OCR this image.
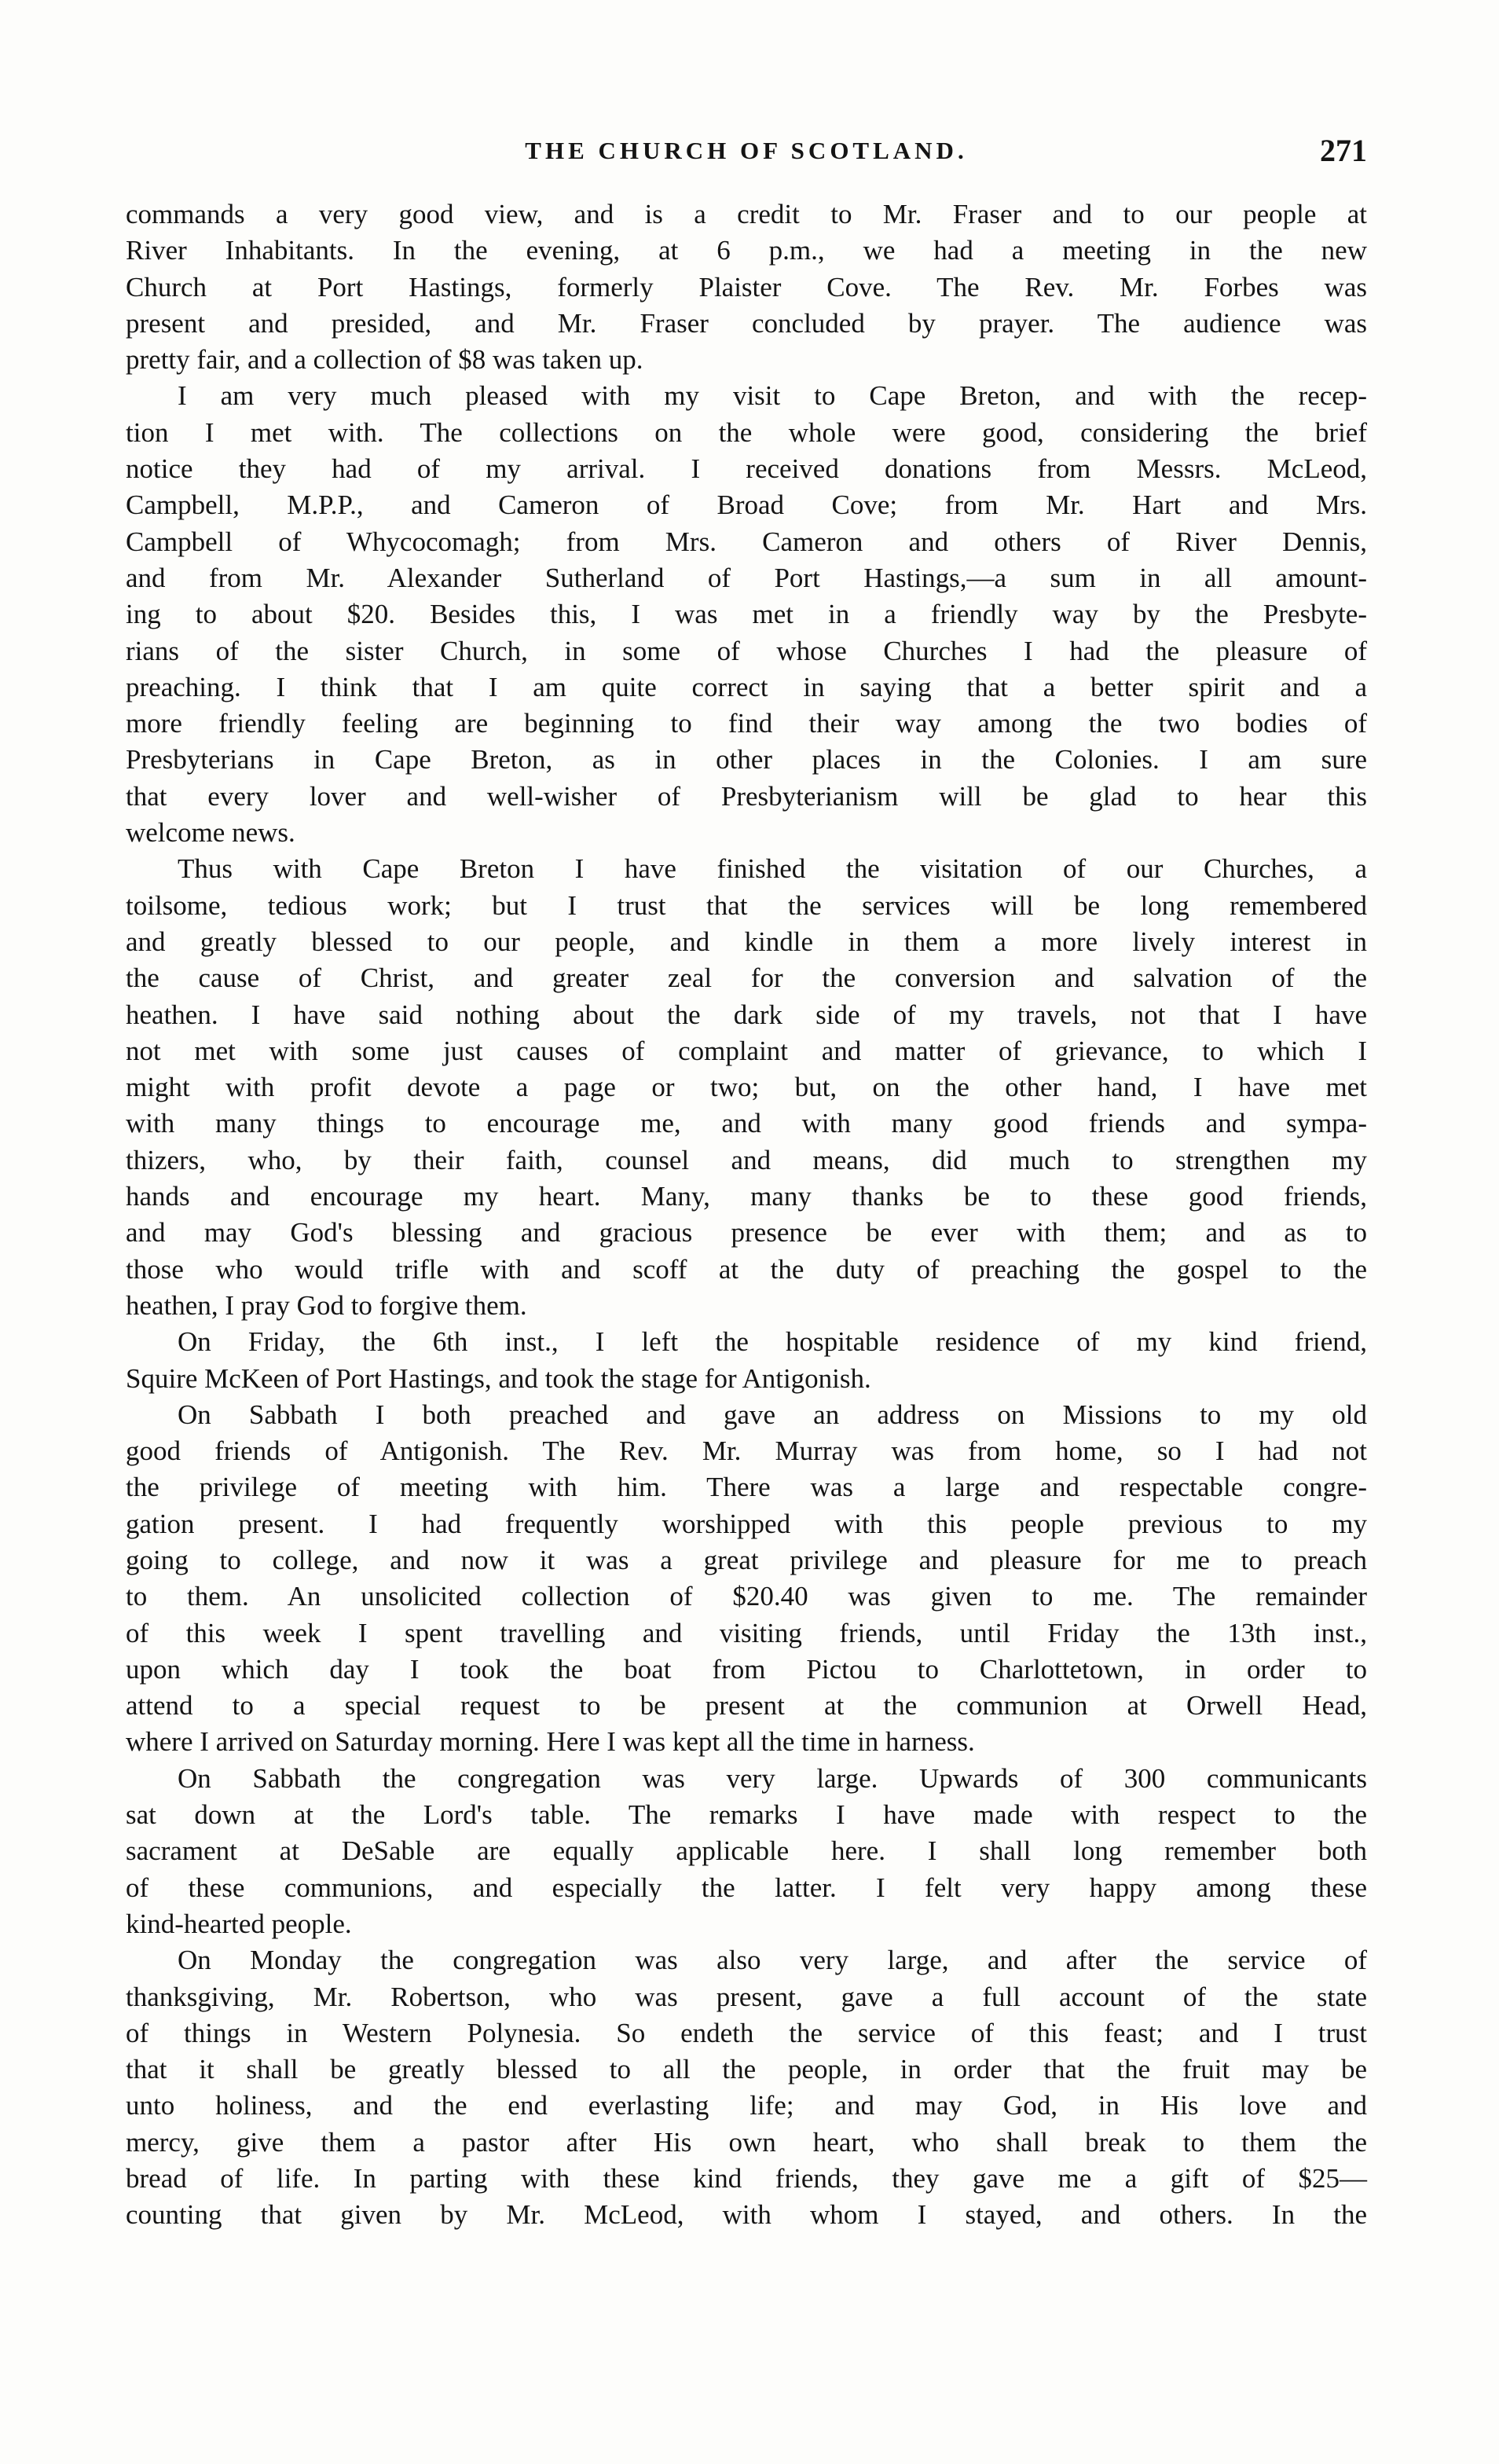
THE CHURCH OF SCOTLAND.	271
commands a very good view, and is a credit to Mr. Fraser and to our people at
River Inhabitants. In the evening, at 6 p.m., we had a meeting in the new
Church at Port Hastings, formerly Plaister Cove. The Rev. Mr. Forbes was
present and presided, and Mr. Fraser concluded by prayer. The audience was
pretty fair, and a collection of $8 was taken up.
I am very much pleased with my visit to Cape Breton, and with the recep-
tion I met with. The collections on the whole were good, considering the brief
notice they had of my arrival. I received donations from Messrs. McLeod,
Campbell, M.P.P., and Cameron of Broad Cove; from Mr. Hart and Mrs.
Campbell of Whycocomagh; from Mrs. Cameron and others of River Dennis,
and from Mr. Alexander Sutherland of Port Hastings,—a sum in all amount-
ing to about $20. Besides this, I was met in a friendly way by the Presbyte-
rians of the sister Church, in some of whose Churches I had the pleasure of
preaching. I think that I am quite correct in saying that a better spirit and a
more friendly feeling are beginning to find their way among the two bodies of
Presbyterians in Cape Breton, as in other places in the Colonies. I am sure
that every lover and well-wisher of Presbyterianism will be glad to hear this
welcome news.
Thus with Cape Breton I have finished the visitation of our Churches, a
toilsome, tedious work; but I trust that the services will be long remembered
and greatly blessed to our people, and kindle in them a more lively interest in
the cause of Christ, and greater zeal for the conversion and salvation of the
heathen. I have said nothing about the dark side of my travels, not that I have
not met with some just causes of complaint and matter of grievance, to which I
might with profit devote a page or two; but, on the other hand, I have met
with many things to encourage me, and with many good friends and sympa-
thizers, who, by their faith, counsel and means, did much to strengthen my
hands and encourage my heart. Many, many thanks be to these good friends,
and may God's blessing and gracious presence be ever with them; and as to
those who would trifle with and scoff at the duty of preaching the gospel to the
heathen, I pray God to forgive them.
On Friday, the 6th inst., I left the hospitable residence of my kind friend,
Squire McKeen of Port Hastings, and took the stage for Antigonish.
On Sabbath I both preached and gave an address on Missions to my old
good friends of Antigonish. The Rev. Mr. Murray was from home, so I had not
the privilege of meeting with him. There was a large and respectable congre-
gation present. I had frequently worshipped with this people previous to my
going to college, and now it was a great privilege and pleasure for me to preach
to them. An unsolicited collection of $20.40 was given to me. The remainder
of this week I spent travelling and visiting friends, until Friday the 13th inst.,
upon which day I took the boat from Pictou to Charlottetown, in order to
attend to a special request to be present at the communion at Orwell Head,
where I arrived on Saturday morning. Here I was kept all the time in harness.
On Sabbath the congregation was very large. Upwards of 300 communicants
sat down at the Lord's table. The remarks I have made with respect to the
sacrament at DeSable are equally applicable here. I shall long remember both
of these communions, and especially the latter. I felt very happy among these
kind-hearted people.
On Monday the congregation was also very large, and after the service of
thanksgiving, Mr. Robertson, who was present, gave a full account of the state
of things in Western Polynesia. So endeth the service of this feast; and I trust
that it shall be greatly blessed to all the people, in order that the fruit may be
unto holiness, and the end everlasting life; and may God, in His love and
mercy, give them a pastor after His own heart, who shall break to them the
bread of life. In parting with these kind friends, they gave me a gift of $25—
counting that given by Mr. McLeod, with whom I stayed, and others. In the
